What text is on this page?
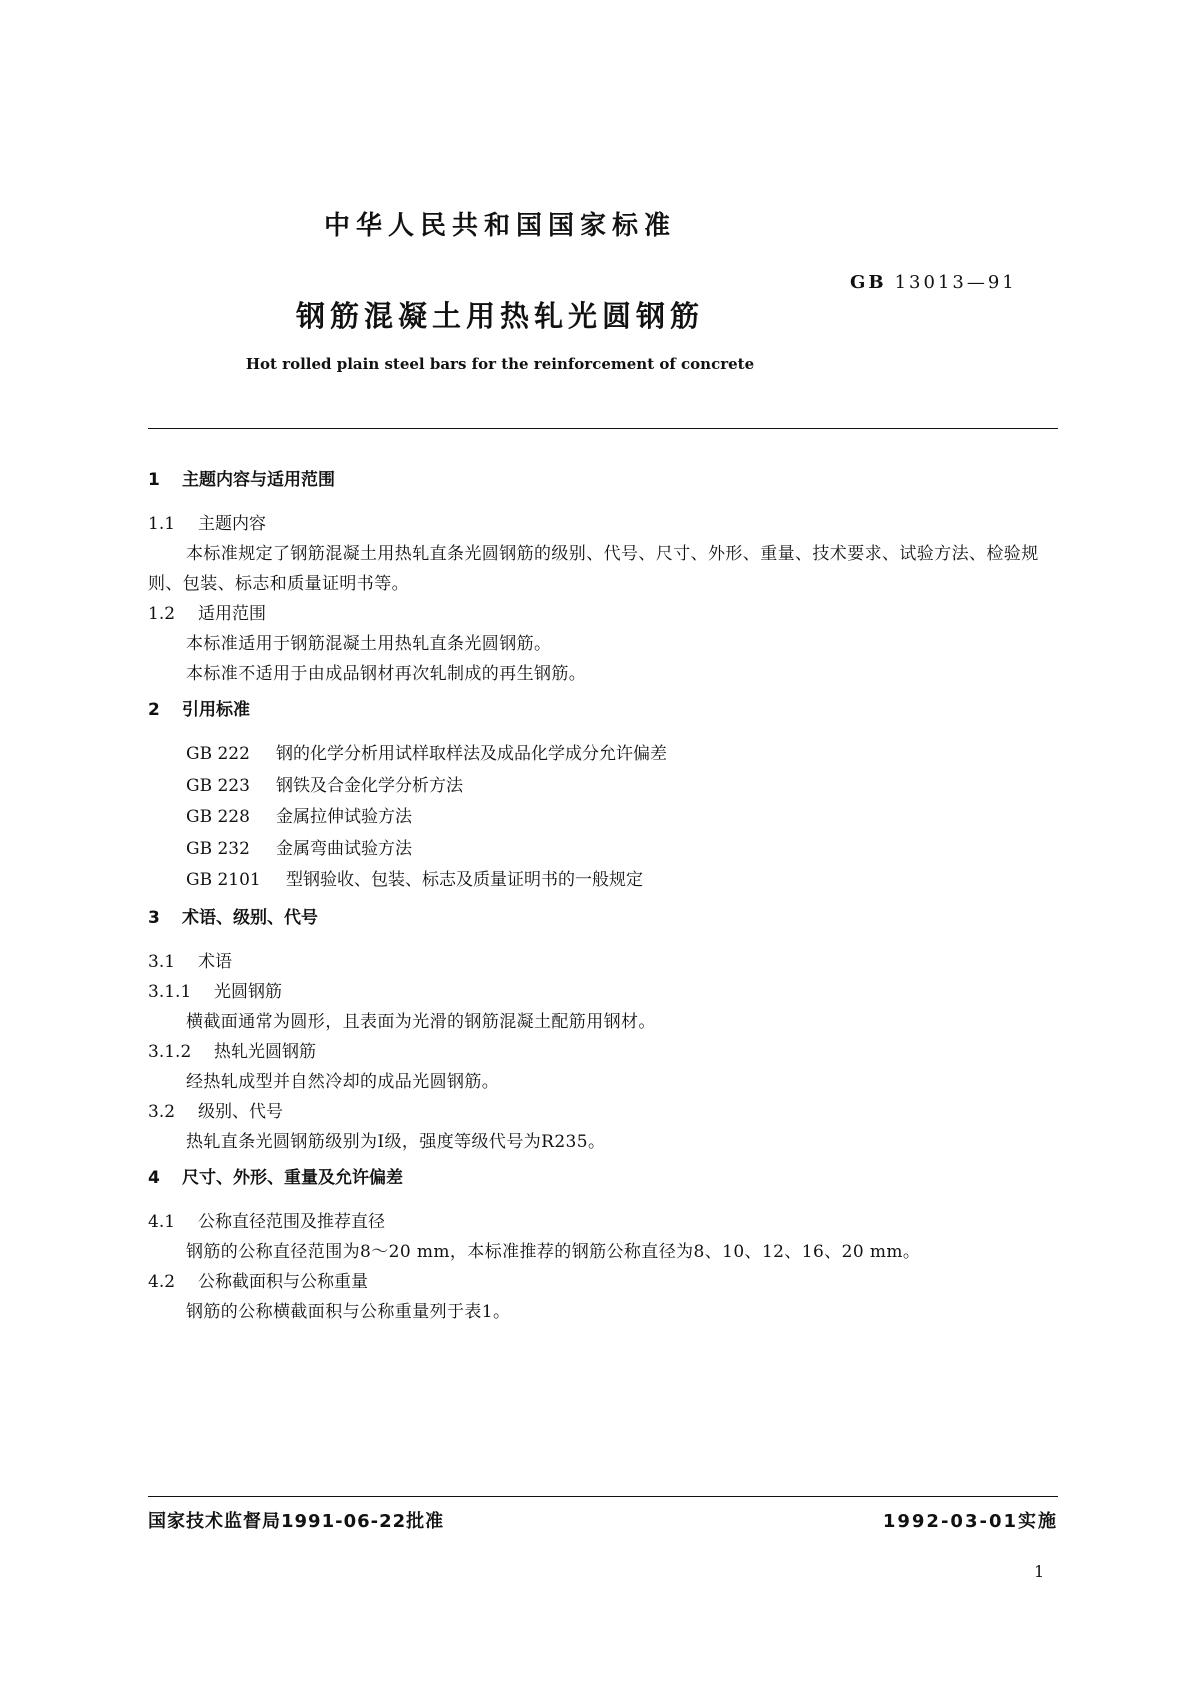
中华人民共和国国家标准
GB 13013—91
钢筋混凝土用热轧光圆钢筋
Hot rolled plain steel bars for the reinforcement of concrete
1 主题内容与适用范围
1.1 主题内容

本标准规定了钢筋混凝土用热轧直条光圆钢筋的级别、代号、尺寸、外形、重量、技术要求、试验方法、检验规则、包装、标志和质量证明书等。

1.2 适用范围

本标准适用于钢筋混凝土用热轧直条光圆钢筋。

本标准不适用于由成品钢材再次轧制成的再生钢筋。

2 引用标准
GB 222 钢的化学分析用试样取样法及成品化学成分允许偏差
GB 223 钢铁及合金化学分析方法
GB 228 金属拉伸试验方法
GB 232 金属弯曲试验方法
GB 2101 型钢验收、包装、标志及质量证明书的一般规定
3 术语、级别、代号
3.1 术语
3.1.1 光圆钢筋

横截面通常为圆形，且表面为光滑的钢筋混凝土配筋用钢材。

3.1.2 热轧光圆钢筋

经热轧成型并自然冷却的成品光圆钢筋。

3.2 级别、代号

热轧直条光圆钢筋级别为Ⅰ级，强度等级代号为R235。

4 尺寸、外形、重量及允许偏差
4.1 公称直径范围及推荐直径

钢筋的公称直径范围为8～20 mm，本标准推荐的钢筋公称直径为8、10、12、16、20 mm。

4.2 公称截面积与公称重量

钢筋的公称横截面积与公称重量列于表1。

国家技术监督局1991-06-22批准	1992-03-01实施
1
